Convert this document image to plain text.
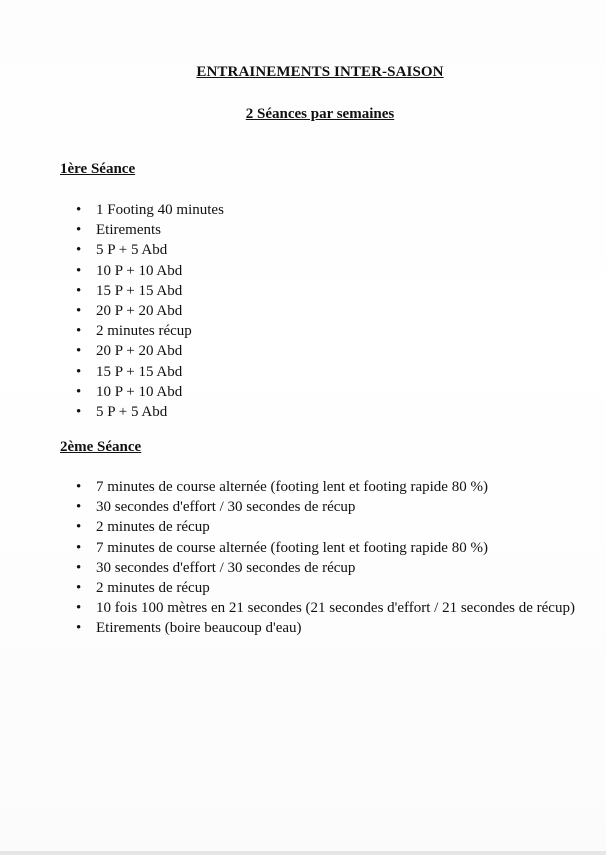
ENTRAINEMENTS INTER-SAISON
2 Séances par semaines
1ère Séance
• 1 Footing 40 minutes
• Etirements
• 5 P + 5 Abd
• 10 P + 10 Abd
• 15 P + 15 Abd
• 20 P + 20 Abd
• 2 minutes récup
• 20 P + 20 Abd
• 15 P + 15 Abd
• 10 P + 10 Abd
• 5 P + 5 Abd
2ème Séance
• 7 minutes de course alternée (footing lent et footing rapide 80 %)
• 30 secondes d'effort / 30 secondes de récup
• 2 minutes de récup
• 7 minutes de course alternée (footing lent et footing rapide 80 %)
• 30 secondes d'effort / 30 secondes de récup
• 2 minutes de récup
• 10 fois 100 mètres en 21 secondes (21 secondes d'effort / 21 secondes de récup)
• Etirements (boire beaucoup d'eau)
